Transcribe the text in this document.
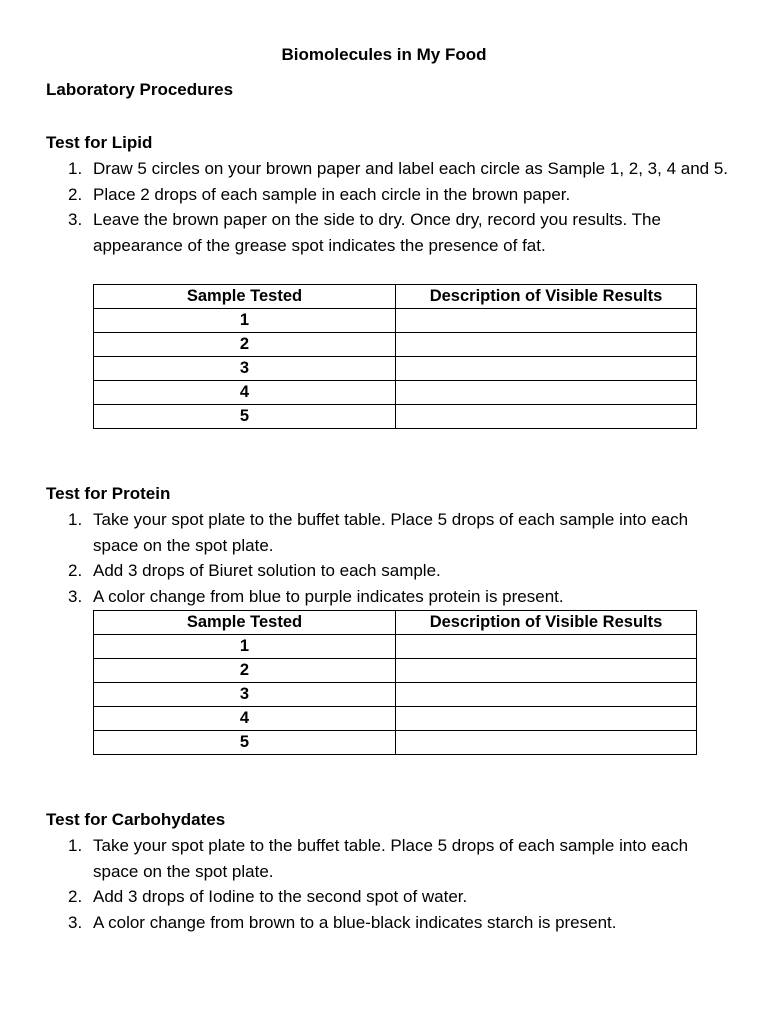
Biomolecules in My Food
Laboratory Procedures
Test for Lipid
1. Draw 5 circles on your brown paper and label each circle as Sample 1, 2, 3, 4 and 5.
2. Place 2 drops of each sample in each circle in the brown paper.
3. Leave the brown paper on the side to dry. Once dry, record you results. The appearance of the grease spot indicates the presence of fat.
Sample Tested	Description of Visible Results
1	
2	
3	
4	
5	
Test for Protein
1. Take your spot plate to the buffet table. Place 5 drops of each sample into each space on the spot plate.
2. Add 3 drops of Biuret solution to each sample.
3. A color change from blue to purple indicates protein is present.
Sample Tested	Description of Visible Results
1	
2	
3	
4	
5	
Test for Carbohydates
1. Take your spot plate to the buffet table. Place 5 drops of each sample into each space on the spot plate.
2. Add 3 drops of Iodine to the second spot of water.
3. A color change from brown to a blue-black indicates starch is present.
